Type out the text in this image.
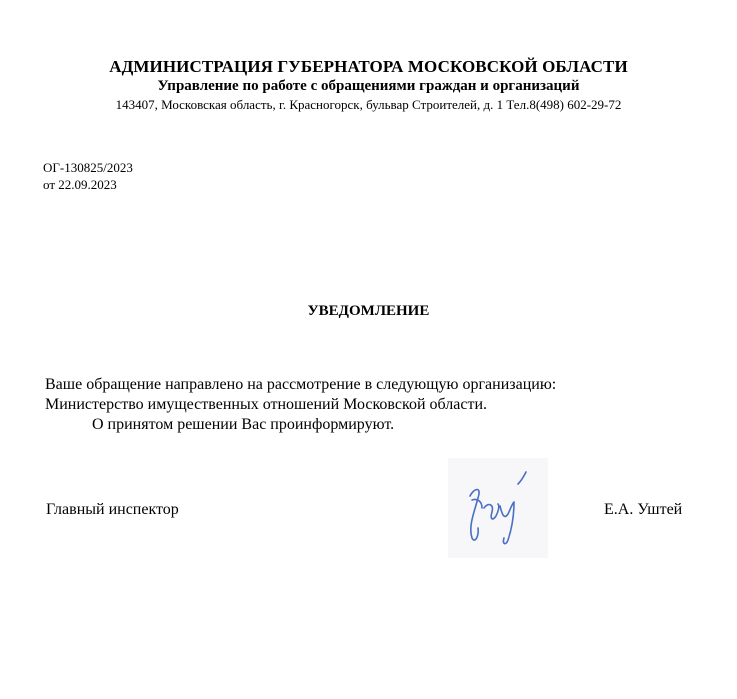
АДМИНИСТРАЦИЯ ГУБЕРНАТОРА МОСКОВСКОЙ ОБЛАСТИ
Управление по работе с обращениями граждан и организаций
143407, Московская область, г. Красногорск, бульвар Строителей, д. 1 Тел.8(498) 602-29-72
ОГ-130825/2023
от 22.09.2023
УВЕДОМЛЕНИЕ
Ваше обращение направлено на рассмотрение в следующую организацию:
Министерство имущественных отношений Московской области.
О принятом решении Вас проинформируют.
Главный инспектор	Е.А. Уштей
